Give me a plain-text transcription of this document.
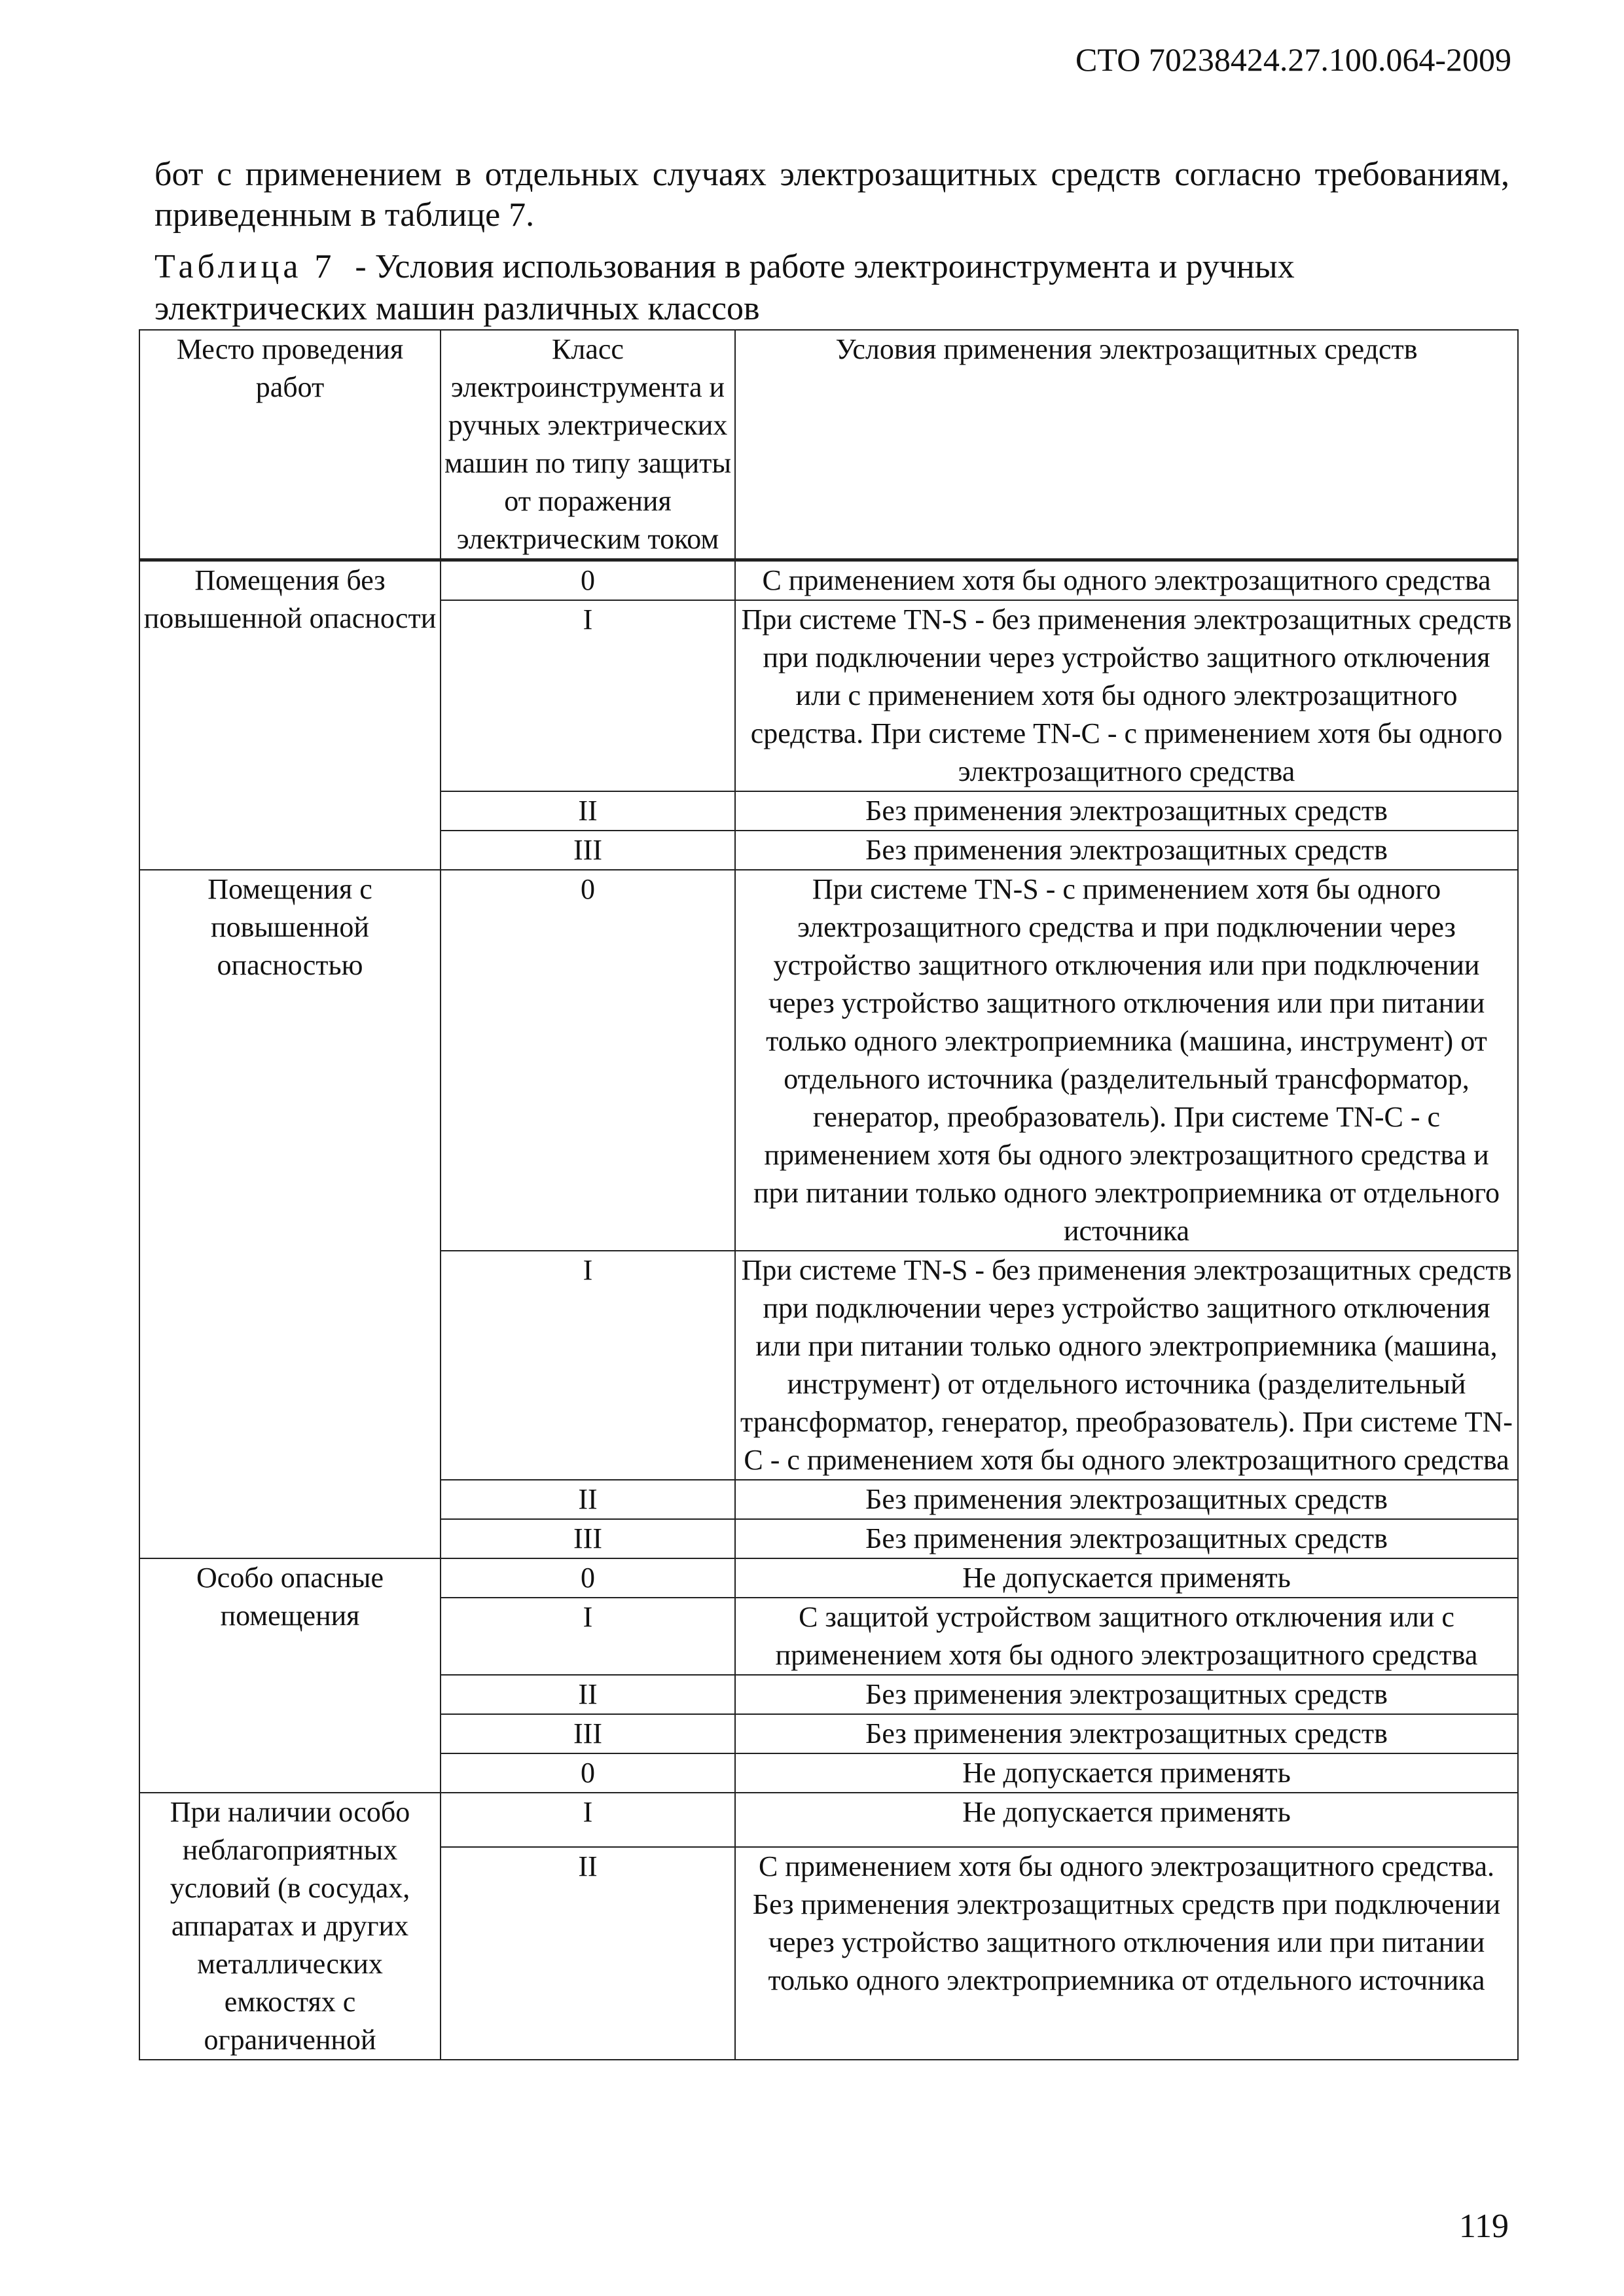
СТО 70238424.27.100.064-2009
бот с применением в отдельных случаях электрозащитных средств согласно требованиям, приведенным в таблице 7.
Таблица 7 - Условия использования в работе электроинструмента и ручных
электрических машин различных классов
Место проведения работ	Класс электроинструмента и ручных электрических машин по типу защиты от поражения электрическим током	Условия применения электрозащитных средств
Помещения без повышенной опасности	0	С применением хотя бы одного электрозащитного средства
	I	При системе TN-S - без применения электрозащитных средств при подключении через устройство защитного отключения или с применением хотя бы одного электрозащитного средства. При системе TN-C - с применением хотя бы одного электрозащитного средства
	II	Без применения электрозащитных средств
	III	Без применения электрозащитных средств
Помещения с повышенной опасностью	0	При системе TN-S - с применением хотя бы одного электрозащитного средства и при подключении через устройство защитного отключения или при подключении через устройство защитного отключения или при питании только одного электроприемника (машина, инструмент) от отдельного источника (разделительный трансформатор, генератор, преобразователь). При системе TN-C - с применением хотя бы одного электрозащитного средства и при питании только одного электроприемника от отдельного источника
	I	При системе TN-S - без применения электрозащитных средств при подключении через устройство защитного отключения или при питании только одного электроприемника (машина, инструмент) от отдельного источника (разделительный трансформатор, генератор, преобразователь). При системе TN-C - с применением хотя бы одного электрозащитного средства
	II	Без применения электрозащитных средств
	III	Без применения электрозащитных средств
Особо опасные помещения	0	Не допускается применять
	I	С защитой устройством защитного отключения или с применением хотя бы одного электрозащитного средства
	II	Без применения электрозащитных средств
	III	Без применения электрозащитных средств
	0	Не допускается применять
При наличии особо неблагоприятных условий (в сосудах, аппаратах и других металлических емкостях с ограниченной	I	Не допускается применять
	II	С применением хотя бы одного электрозащитного средства. Без применения электрозащитных средств при подключении через устройство защитного отключения или при питании только одного электроприемника от отдельного источника
119
